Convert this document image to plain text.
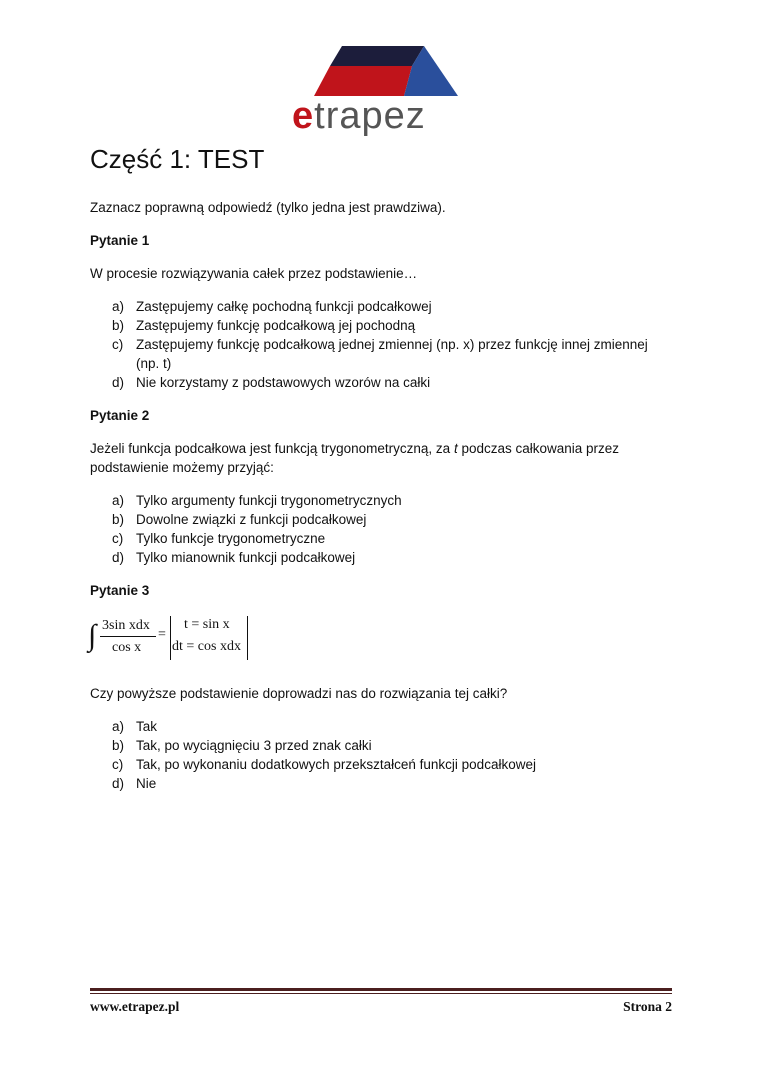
etrapez
Część 1: TEST

Zaznacz poprawną odpowiedź (tylko jedna jest prawdziwa).

Pytanie 1

W procesie rozwiązywania całek przez podstawienie…

a) Zastępujemy całkę pochodną funkcji podcałkowej
b) Zastępujemy funkcję podcałkową jej pochodną
c) Zastępujemy funkcję podcałkową jednej zmiennej (np. x) przez funkcję innej zmiennej (np. t)
d) Nie korzystamy z podstawowych wzorów na całki

Pytanie 2

Jeżeli funkcja podcałkowa jest funkcją trygonometryczną, za t podczas całkowania przez podstawienie możemy przyjąć:

a) Tylko argumenty funkcji trygonometrycznych
b) Dowolne związki z funkcji podcałkowej
c) Tylko funkcje trygonometryczne
d) Tylko mianownik funkcji podcałkowej

Pytanie 3

∫ 3sin xdx
cos x
=
t = sin x
dt = cos xdx

Czy powyższe podstawienie doprowadzi nas do rozwiązania tej całki?

a) Tak
b) Tak, po wyciągnięciu 3 przed znak całki
c) Tak, po wykonaniu dodatkowych przekształceń funkcji podcałkowej
d) Nie
www.etrapez.pl	Strona 2
